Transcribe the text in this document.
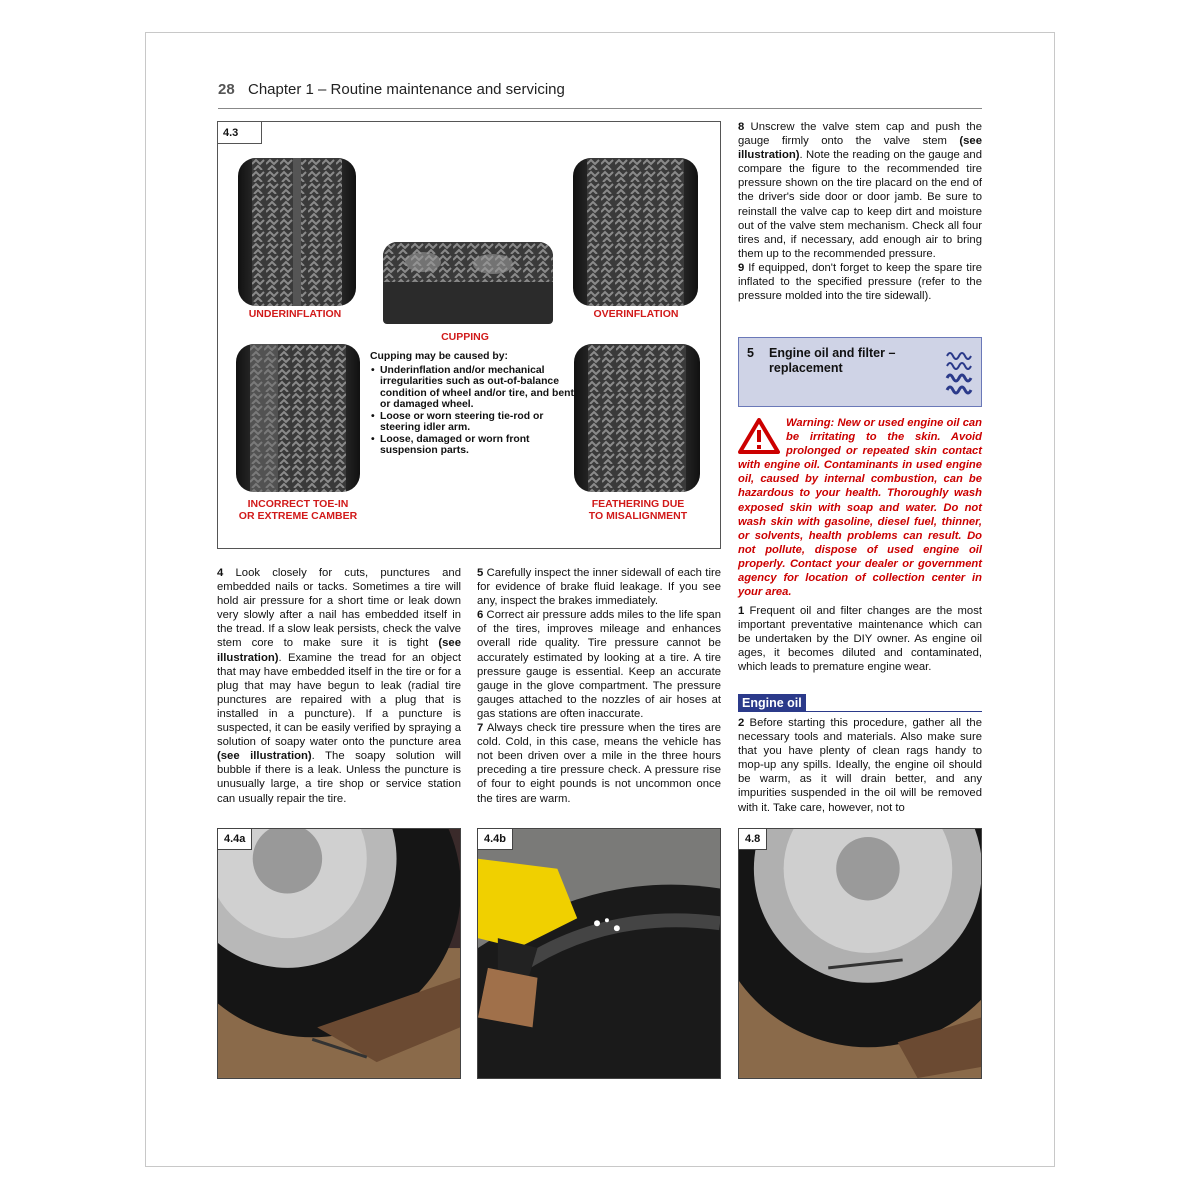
28 Chapter 1 – Routine maintenance and servicing
4.3
UNDERINFLATION
CUPPING
OVERINFLATION
INCORRECT TOE-IN
OR EXTREME CAMBER
FEATHERING DUE
TO MISALIGNMENT
Cupping may be caused by:
• Underinflation and/or mechanical irregularities such as out-of-balance condition of wheel and/or tire, and bent or damaged wheel.
• Loose or worn steering tie-rod or steering idler arm.
• Loose, damaged or worn front suspension parts.

8 Unscrew the valve stem cap and push the gauge firmly onto the valve stem (see illustration). Note the reading on the gauge and compare the figure to the recommended tire pressure shown on the tire placard on the end of the driver's side door or door jamb. Be sure to reinstall the valve cap to keep dirt and moisture out of the valve stem mechanism. Check all four tires and, if necessary, add enough air to bring them up to the recommended pressure.

9 If equipped, don't forget to keep the spare tire inflated to the specified pressure (refer to the pressure molded into the tire sidewall).

5 Engine oil and filter – replacement
Warning: New or used engine oil can be irritating to the skin. Avoid prolonged or repeated skin contact with engine oil. Contaminants in used engine oil, caused by internal combustion, can be hazardous to your health. Thoroughly wash exposed skin with soap and water. Do not wash skin with gasoline, diesel fuel, thinner, or solvents, health problems can result. Do not pollute, dispose of used engine oil properly. Contact your dealer or government agency for location of collection center in your area.

1 Frequent oil and filter changes are the most important preventative maintenance which can be undertaken by the DIY owner. As engine oil ages, it becomes diluted and contaminated, which leads to premature engine wear.

Engine oil

2 Before starting this procedure, gather all the necessary tools and materials. Also make sure that you have plenty of clean rags handy to mop-up any spills. Ideally, the engine oil should be warm, as it will drain better, and any impurities suspended in the oil will be removed with it. Take care, however, not to

4 Look closely for cuts, punctures and embedded nails or tacks. Sometimes a tire will hold air pressure for a short time or leak down very slowly after a nail has embedded itself in the tread. If a slow leak persists, check the valve stem core to make sure it is tight (see illustration). Examine the tread for an object that may have embedded itself in the tire or for a plug that may have begun to leak (radial tire punctures are repaired with a plug that is installed in a puncture). If a puncture is suspected, it can be easily verified by spraying a solution of soapy water onto the puncture area (see illustration). The soapy solution will bubble if there is a leak. Unless the puncture is unusually large, a tire shop or service station can usually repair the tire.

5 Carefully inspect the inner sidewall of each tire for evidence of brake fluid leakage. If you see any, inspect the brakes immediately.

6 Correct air pressure adds miles to the life span of the tires, improves mileage and enhances overall ride quality. Tire pressure cannot be accurately estimated by looking at a tire. A tire pressure gauge is essential. Keep an accurate gauge in the glove compartment. The pressure gauges attached to the nozzles of air hoses at gas stations are often inaccurate.

7 Always check tire pressure when the tires are cold. Cold, in this case, means the vehicle has not been driven over a mile in the three hours preceding a tire pressure check. A pressure rise of four to eight pounds is not uncommon once the tires are warm.

4.4a	4.4b	4.8
